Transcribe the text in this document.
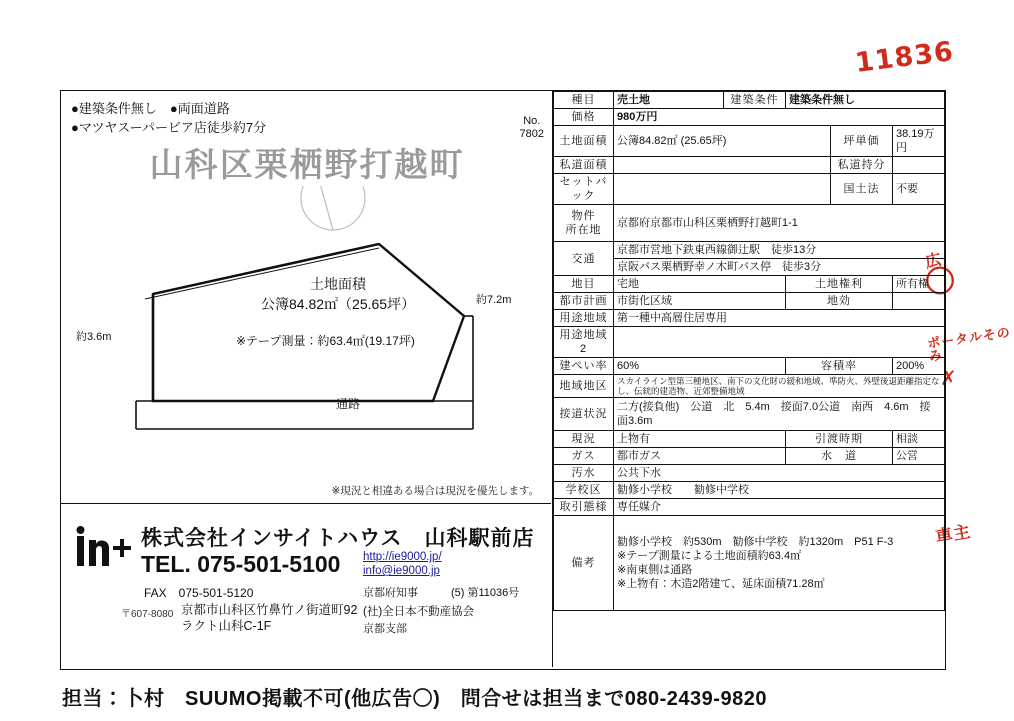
11836
広
〇
ポータルそのみ
✗
車主
●建築条件無し　●両面道路
●マツヤスーパービア店徒歩約7分	No.
7802
山科区栗栖野打越町
土地面積
公簿84.82㎡（25.65坪）
約3.6m
約7.2m
※テープ測量：約63.4㎡(19.17坪)
通路
※現況と相違ある場合は現況を優先します。
株式会社インサイトハウス　山科駅前店
TEL. 075-501-5100
FAX　075-501-5120
〒607-8080 京都市山科区竹鼻竹ノ街道町92
ラクト山科C-1F
http://ie9000.jp/
info@ie9000.jp
京都府知事　　　(5) 第11036号
(社)全日本不動産協会
京都支部
種目	売土地	建築条件	建築条件無し		
価格	980万円				
土地面積	公簿84.82㎡ (25.65坪)			坪単価	38.19万円
私道面積				私道持分	
セットバック				国土法	不要
物件
所在地	京都府京都市山科区栗栖野打越町1-1				
交通	京都市営地下鉄東西線御辻駅　徒歩13分				
	京阪バス栗栖野幸ノ木町バス停　徒歩3分				
地目	宅地		土地権利		所有権
都市計画	市街化区域		地効		
用途地域	第一種中高層住居専用				
用途地域2					
建ぺい率	60%		容積率		200%
地域地区	スカイライン型第三種地区、南下の文化財の緩和地域、準防火、外壁後退距離指定なし、伝統的建造物、近郊整備地域				

接道状況	二方(接負他)　公道　北　5.4m　接面7.0公道　南西　4.6m　接面3.6m				
現況	上物有		引渡時期		相談
ガス	都市ガス		水　道		公営
汚水	公共下水				
学校区	勧修小学校　　勧修中学校				
取引態様	専任媒介				
備考	勧修小学校　約530m　勧修中学校　約1320m　P51 F-3
※テープ測量による土地面積約63.4㎡
※南東側は通路
※上物有：木造2階建て、延床面積71.28㎡				
担当：卜村　SUUMO掲載不可(他広告〇)　問合せは担当まで080-2439-9820
